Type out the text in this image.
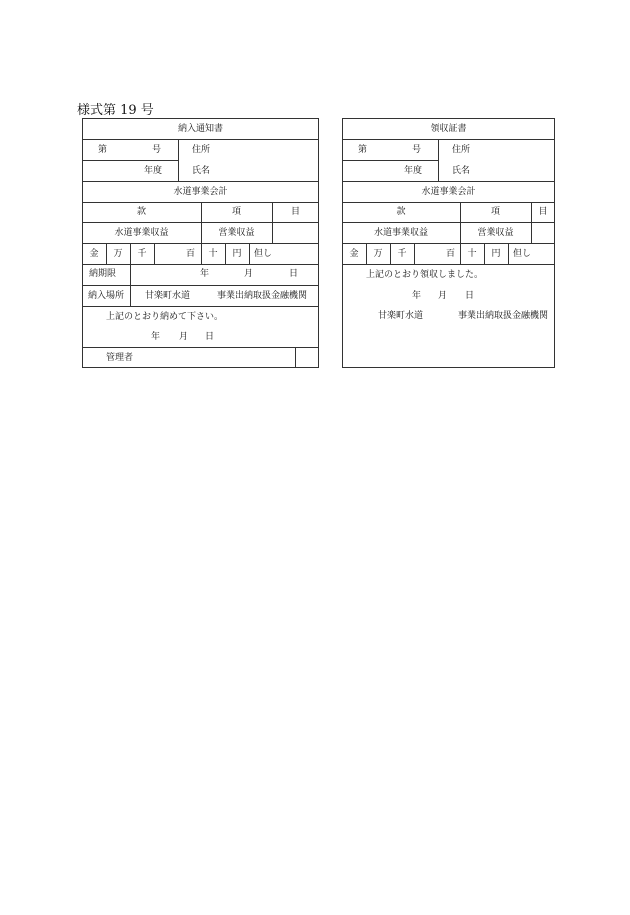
様式第 19 号
納入通知書
第	号	住所
年度	氏名
水道事業会計
款	項	目
水道事業収益	営業収益
金	万	千	百	十	円	但し
納期限	年	月	日
納入場所 甘楽町水道	事業出納取扱金融機関
上記のとおり納めて下さい。
年 月 日
管理者
領収証書
第	号	住所
年度	氏名
水道事業会計
款	項	目
水道事業収益	営業収益
金	万	千	百	十	円	但し
上記のとおり領収しました。
年 月 日
甘楽町水道	事業出納取扱金融機関
